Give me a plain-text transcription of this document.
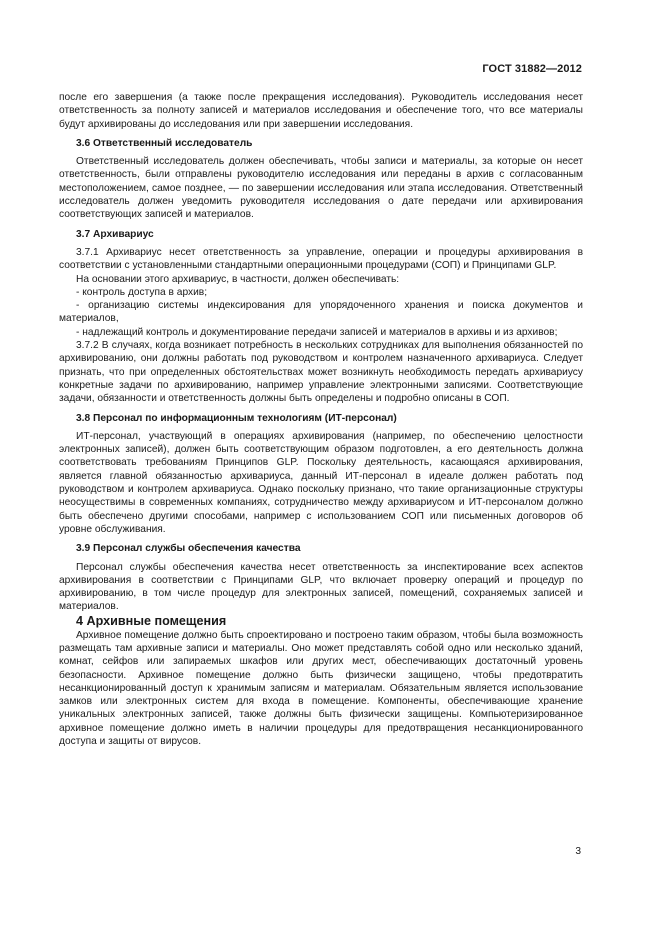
ГОСТ 31882—2012

после его завершения (а также после прекращения исследования). Руководитель исследования несет ответственность за полноту записей и материалов исследования и обеспечение того, что все материалы будут архивированы до исследования или при завершении исследования.

3.6 Ответственный исследователь

Ответственный исследователь должен обеспечивать, чтобы записи и материалы, за которые он несет ответственность, были отправлены руководителю исследования или переданы в архив с согласованным местоположением, самое позднее, — по завершении исследования или этапа исследования. Ответственный исследователь должен уведомить руководителя исследования о дате передачи или архивирования соответствующих записей и материалов.

3.7 Архивариус

3.7.1 Архивариус несет ответственность за управление, операции и процедуры архивирования в соответствии с установленными стандартными операционными процедурами (СОП) и Принципами GLP.

На основании этого архивариус, в частности, должен обеспечивать:

- контроль доступа в архив;

- организацию системы индексирования для упорядоченного хранения и поиска документов и материалов,

- надлежащий контроль и документирование передачи записей и материалов в архивы и из архивов;

3.7.2 В случаях, когда возникает потребность в нескольких сотрудниках для выполнения обязанностей по архивированию, они должны работать под руководством и контролем назначенного архивариуса. Следует признать, что при определенных обстоятельствах может возникнуть необходимость передать архивариусу конкретные задачи по архивированию, например управление электронными записями. Соответствующие задачи, обязанности и ответственность должны быть определены и подробно описаны в СОП.

3.8 Персонал по информационным технологиям (ИТ-персонал)

ИТ-персонал, участвующий в операциях архивирования (например, по обеспечению целостности электронных записей), должен быть соответствующим образом подготовлен, а его деятельность должна соответствовать требованиям Принципов GLP. Поскольку деятельность, касающаяся архивирования, является главной обязанностью архивариуса, данный ИТ-персонал в идеале должен работать под руководством и контролем архивариуса. Однако поскольку признано, что такие организационные структуры неосуществимы в современных компаниях, сотрудничество между архивариусом и ИТ-персоналом должно быть обеспечено другими способами, например с использованием СОП или письменных договоров об уровне обслуживания.

3.9 Персонал службы обеспечения качества

Персонал службы обеспечения качества несет ответственность за инспектирование всех аспектов архивирования в соответствии с Принципами GLP, что включает проверку операций и процедур по архивированию, в том числе процедур для электронных записей, помещений, сохраняемых записей и материалов.

4 Архивные помещения

Архивное помещение должно быть спроектировано и построено таким образом, чтобы была возможность размещать там архивные записи и материалы. Оно может представлять собой одно или несколько зданий, комнат, сейфов или запираемых шкафов или других мест, обеспечивающих достаточный уровень безопасности. Архивное помещение должно быть физически защищено, чтобы предотвратить несанкционированный доступ к хранимым записям и материалам. Обязательным является использование замков или электронных систем для входа в помещение. Компоненты, обеспечивающие хранение уникальных электронных записей, также должны быть физически защищены. Компьютеризированное архивное помещение должно иметь в наличии процедуры для предотвращения несанкционированного доступа и защиты от вирусов.

3
